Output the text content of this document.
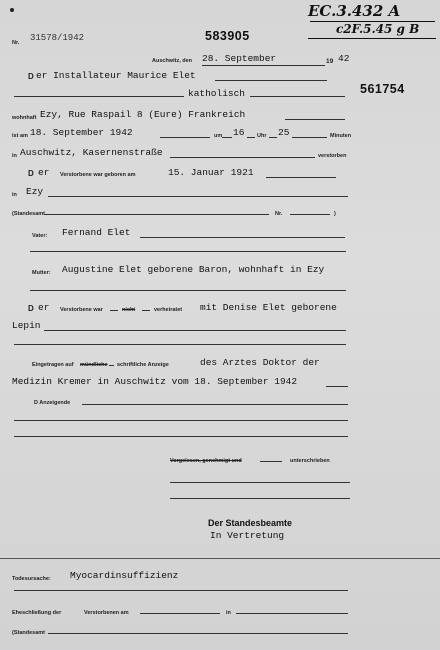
Nr. 31578/1942	583905
EC.3.432 A
c2F.5.45 g B
Auschwitz, den 28. September	19 42
D er Installateur Maurice Elet
katholisch	561754
wohnhaft Ezy, Rue Raspail 8 (Eure) Frankreich
ist am 18. September 1942	um 16 Uhr 25	Minuten
in Auschwitz, Kasernenstraße	verstorben
D er Verstorbene war geboren am	15. Januar 1921
in Ezy
(Standesamt	Nr.	)
Vater: Fernand Elet
Mutter: Augustine Elet geborene Baron, wohnhaft in Ezy
D er Verstorbene war	nicht	verheiratet mit Denise Elet geborene
Lepin
Eingetragen auf mündliche schriftliche Anzeige	des Arztes Doktor der
Medizin Kremer in Auschwitz vom 18. September 1942
D Anzeigende
Vorgelesen, genehmigt und	unterschrieben
Der Standesbeamte
In Vertretung
Todesursache: Myocardinsuffizienz
Eheschließung der	Verstorbenen am	in
(Standesamt
